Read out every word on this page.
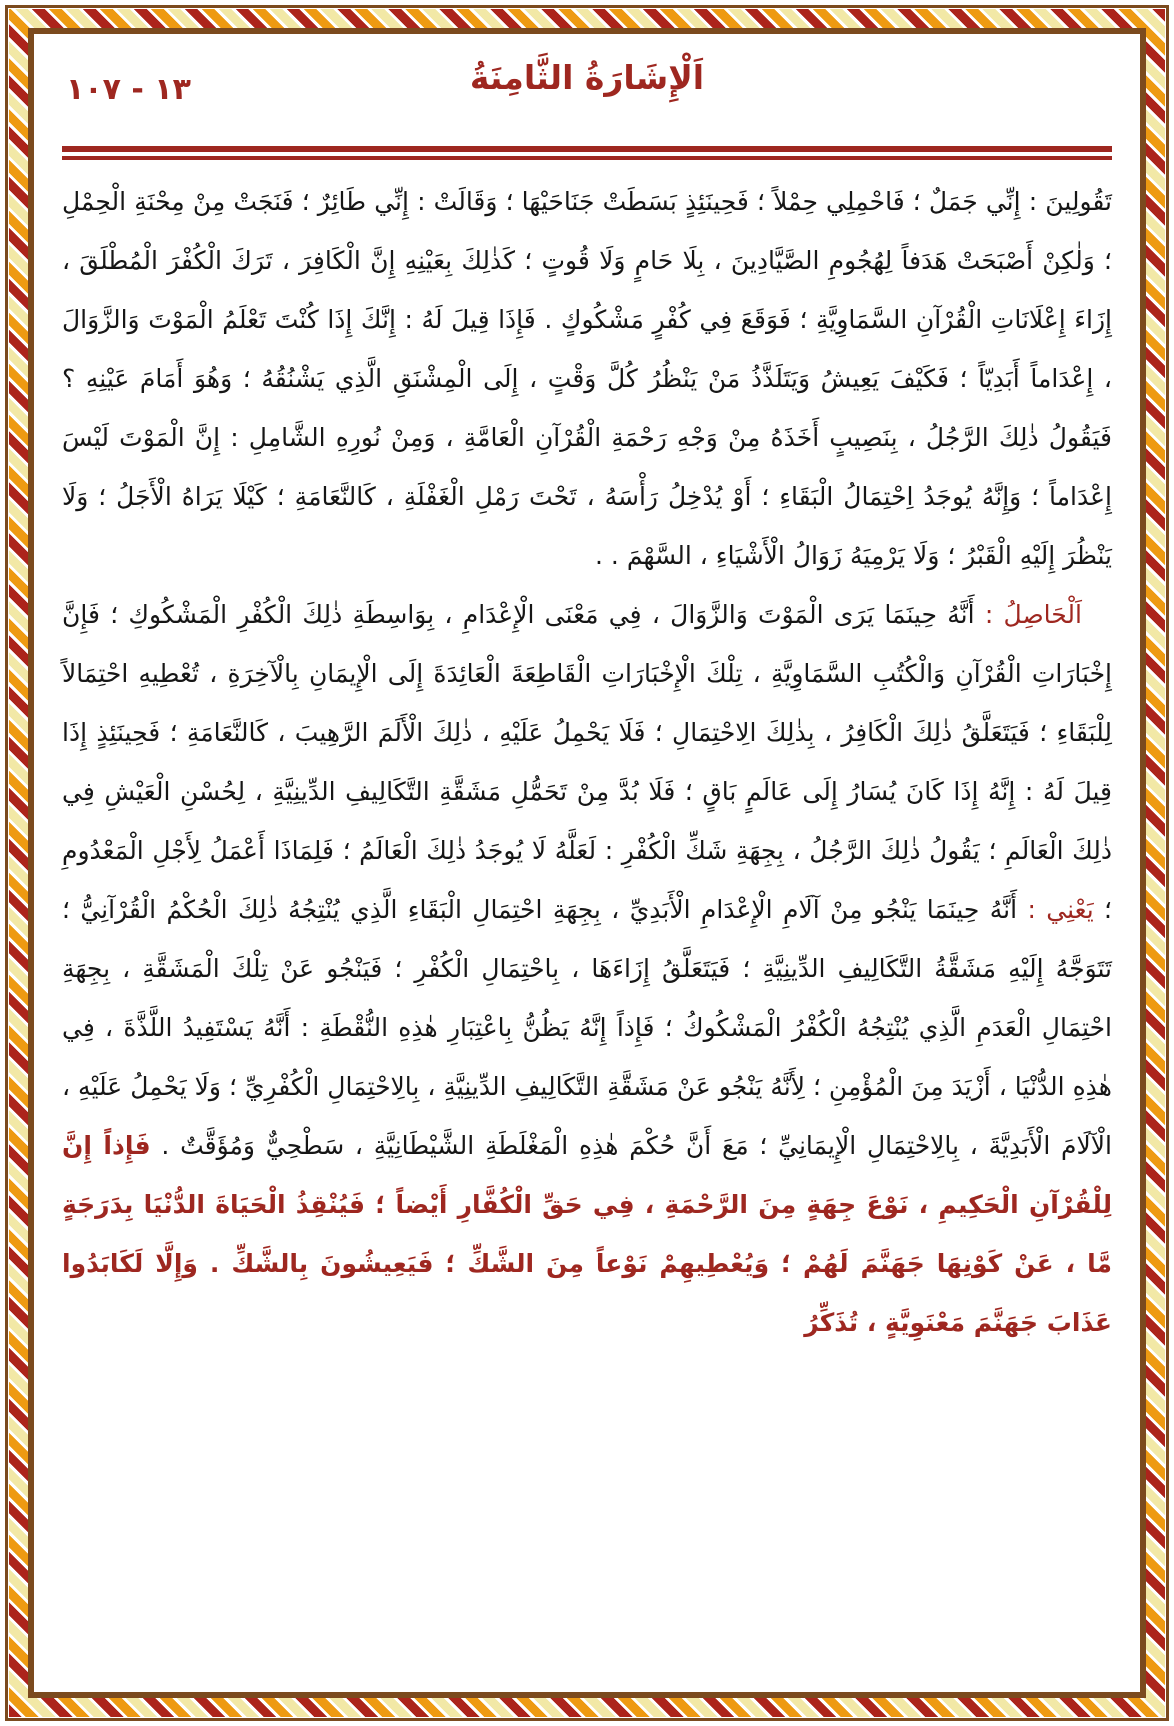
١٣ - ١٠٧	اَلْإِشَارَةُ الثَّامِنَةُ

تَقُولِينَ : إِنِّي جَمَلٌ ؛ فَاحْمِلِي حِمْلاً ؛ فَحِينَئِذٍ بَسَطَتْ جَنَاحَيْهَا ؛ وَقَالَتْ : إِنِّي طَائِرٌ ؛ فَنَجَتْ مِنْ مِحْنَةِ الْحِمْلِ ؛ وَلٰكِنْ أَصْبَحَتْ هَدَفاً لِهُجُومِ الصَّيَّادِينَ ، بِلَا حَامٍ وَلَا قُوتٍ ؛ كَذٰلِكَ بِعَيْنِهِ إِنَّ الْكَافِرَ ، تَرَكَ الْكُفْرَ الْمُطْلَقَ ، إِزَاءَ إِعْلَانَاتِ الْقُرْآنِ السَّمَاوِيَّةِ ؛ فَوَقَعَ فِي كُفْرٍ مَشْكُوكٍ . فَإِذَا قِيلَ لَهُ : إِنَّكَ إِذَا كُنْتَ تَعْلَمُ الْمَوْتَ وَالزَّوَالَ ، إِعْدَاماً أَبَدِيّاً ؛ فَكَيْفَ يَعِيشُ وَيَتَلَذَّذُ مَنْ يَنْظُرُ كُلَّ وَقْتٍ ، إِلَى الْمِشْنَقِ الَّذِي يَشْنُقُهُ ؛ وَهُوَ أَمَامَ عَيْنِهِ ؟ فَيَقُولُ ذٰلِكَ الرَّجُلُ ، بِنَصِيبٍ أَخَذَهُ مِنْ وَجْهِ رَحْمَةِ الْقُرْآنِ الْعَامَّةِ ، وَمِنْ نُورِهِ الشَّامِلِ : إِنَّ الْمَوْتَ لَيْسَ إِعْدَاماً ؛ وَإِنَّهُ يُوجَدُ اِحْتِمَالُ الْبَقَاءِ ؛ أَوْ يُدْخِلُ رَأْسَهُ ، تَحْتَ رَمْلِ الْغَفْلَةِ ، كَالنَّعَامَةِ ؛ كَيْلَا يَرَاهُ الْأَجَلُ ؛ وَلَا يَنْظُرَ إِلَيْهِ الْقَبْرُ ؛ وَلَا يَرْمِيَهُ زَوَالُ الْأَشْيَاءِ ، السَّهْمَ . .

اَلْحَاصِلُ : أَنَّهُ حِينَمَا يَرَى الْمَوْتَ وَالزَّوَالَ ، فِي مَعْنَى الْإِعْدَامِ ، بِوَاسِطَةِ ذٰلِكَ الْكُفْرِ الْمَشْكُوكِ ؛ فَإِنَّ إِخْبَارَاتِ الْقُرْآنِ وَالْكُتُبِ السَّمَاوِيَّةِ ، تِلْكَ الْإِخْبَارَاتِ الْقَاطِعَةَ الْعَائِدَةَ إِلَى الْإِيمَانِ بِالْآخِرَةِ ، تُعْطِيهِ احْتِمَالاً لِلْبَقَاءِ ؛ فَيَتَعَلَّقُ ذٰلِكَ الْكَافِرُ ، بِذٰلِكَ الِاحْتِمَالِ ؛ فَلَا يَحْمِلُ عَلَيْهِ ، ذٰلِكَ الْأَلَمَ الرَّهِيبَ ، كَالنَّعَامَةِ ؛ فَحِينَئِذٍ إِذَا قِيلَ لَهُ : إِنَّهُ إِذَا كَانَ يُسَارُ إِلَى عَالَمٍ بَاقٍ ؛ فَلَا بُدَّ مِنْ تَحَمُّلِ مَشَقَّةِ التَّكَالِيفِ الدِّينِيَّةِ ، لِحُسْنِ الْعَيْشِ فِي ذٰلِكَ الْعَالَمِ ؛ يَقُولُ ذٰلِكَ الرَّجُلُ ، بِجِهَةِ شَكِّ الْكُفْرِ : لَعَلَّهُ لَا يُوجَدُ ذٰلِكَ الْعَالَمُ ؛ فَلِمَاذَا أَعْمَلُ لِأَجْلِ الْمَعْدُومِ ؛ يَعْنِي : أَنَّهُ حِينَمَا يَنْجُو مِنْ آلَامِ الْإِعْدَامِ الْأَبَدِيِّ ، بِجِهَةِ احْتِمَالِ الْبَقَاءِ الَّذِي يُنْتِجُهُ ذٰلِكَ الْحُكْمُ الْقُرْآنِيُّ ؛ تَتَوَجَّهُ إِلَيْهِ مَشَقَّةُ التَّكَالِيفِ الدِّينِيَّةِ ؛ فَيَتَعَلَّقُ إِزَاءَهَا ، بِاحْتِمَالِ الْكُفْرِ ؛ فَيَنْجُو عَنْ تِلْكَ الْمَشَقَّةِ ، بِجِهَةِ احْتِمَالِ الْعَدَمِ الَّذِي يُنْتِجُهُ الْكُفْرُ الْمَشْكُوكُ ؛ فَإِذاً إِنَّهُ يَظُنُّ بِاعْتِبَارِ هٰذِهِ النُّقْطَةِ : أَنَّهُ يَسْتَفِيدُ اللَّذَّةَ ، فِي هٰذِهِ الدُّنْيَا ، أَزْيَدَ مِنَ الْمُؤْمِنِ ؛ لِأَنَّهُ يَنْجُو عَنْ مَشَقَّةِ التَّكَالِيفِ الدِّينِيَّةِ ، بِالِاحْتِمَالِ الْكُفْرِيِّ ؛ وَلَا يَحْمِلُ عَلَيْهِ ، الْآلَامَ الْأَبَدِيَّةَ ، بِالِاحْتِمَالِ الْإِيمَانِيِّ ؛ مَعَ أَنَّ حُكْمَ هٰذِهِ الْمَغْلَطَةِ الشَّيْطَانِيَّةِ ، سَطْحِيٌّ وَمُؤَقَّتٌ . فَإِذاً إِنَّ لِلْقُرْآنِ الْحَكِيمِ ، نَوْعَ جِهَةٍ مِنَ الرَّحْمَةِ ، فِي حَقِّ الْكُفَّارِ أَيْضاً ؛ فَيُنْقِذُ الْحَيَاةَ الدُّنْيَا بِدَرَجَةٍ مَّا ، عَنْ كَوْنِهَا جَهَنَّمَ لَهُمْ ؛ وَيُعْطِيهِمْ نَوْعاً مِنَ الشَّكِّ ؛ فَيَعِيشُونَ بِالشَّكِّ . وَإِلَّا لَكَابَدُوا عَذَابَ جَهَنَّمَ مَعْنَوِيَّةٍ ، تُذَكِّرُ
